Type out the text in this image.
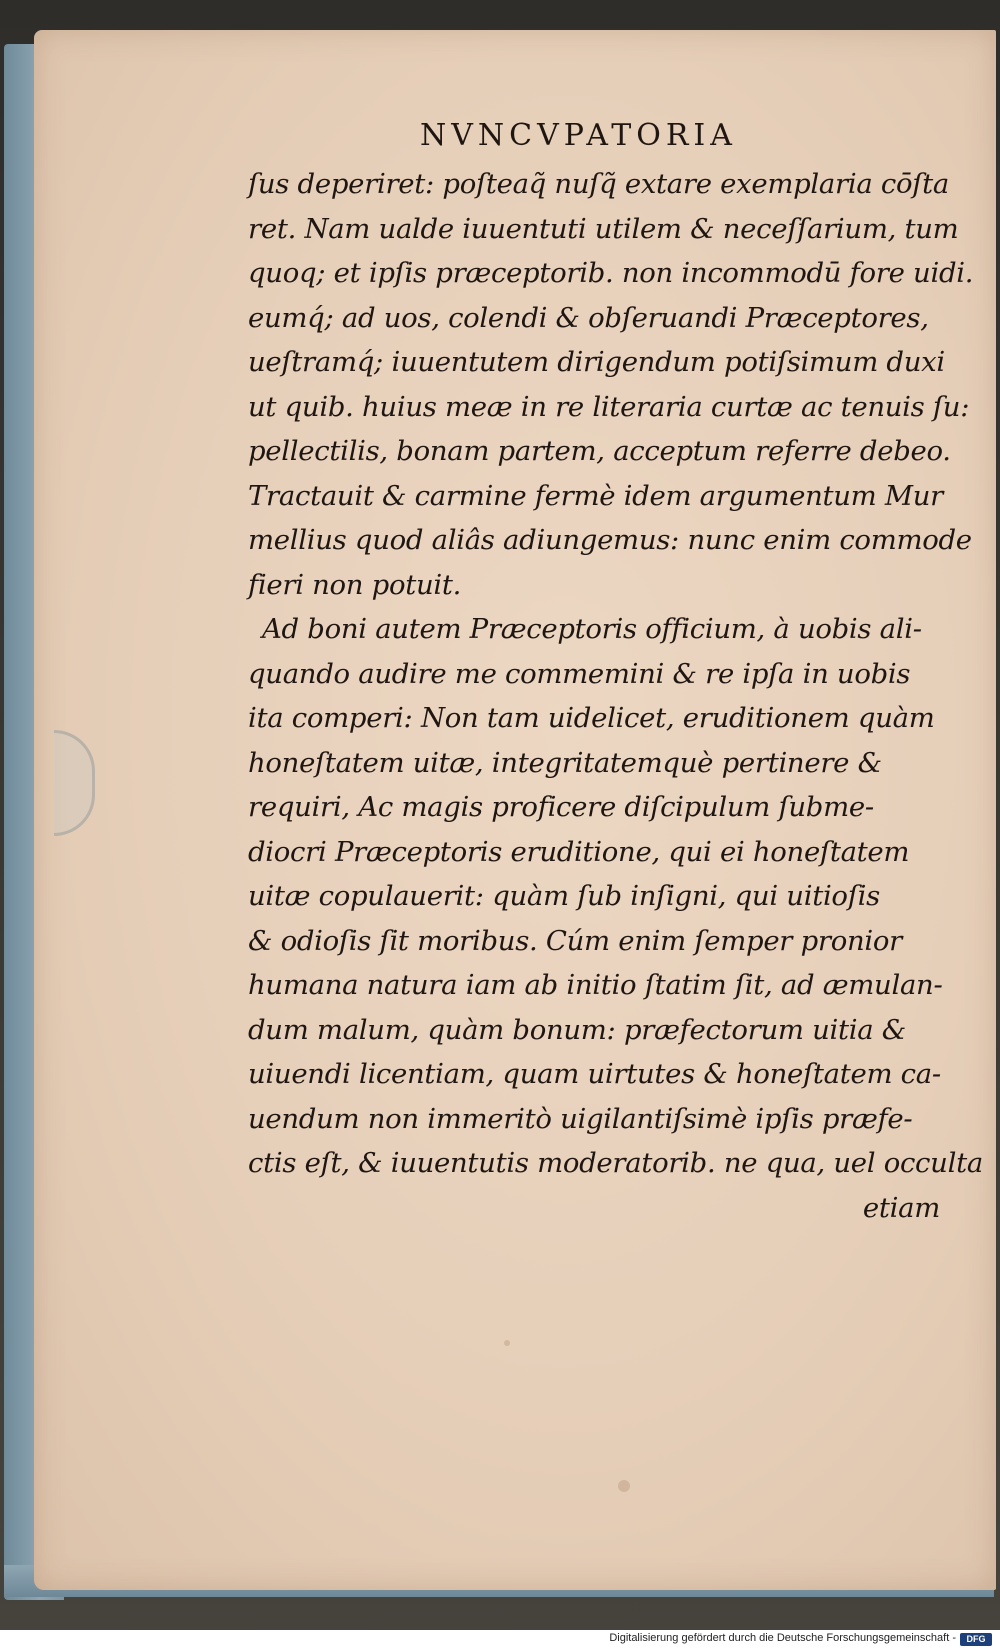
NVNCVPATORIA
ſus deperiret: poſteaq̃ nuſq̃ extare exemplaria cōſta
ret. Nam ualde iuuentuti utilem & neceſſarium, tum
quoq; et ipſis præceptorib. non incommodū fore uidi.
eumq́; ad uos, colendi & obſeruandi Præceptores,
ueſtramq́; iuuentutem dirigendum potiſsimum duxi
ut quib. huius meæ in re literaria curtæ ac tenuis ſu:
pellectilis, bonam partem, acceptum referre debeo.
Tractauit & carmine fermè idem argumentum Mur
mellius quod aliâs adiungemus: nunc enim commode
fieri non potuit.
Ad boni autem Præceptoris officium, à uobis ali-
quando audire me commemini & re ipſa in uobis
ita comperi: Non tam uidelicet, eruditionem quàm
honeſtatem uitæ, integritatemquè pertinere &
requiri, Ac magis proficere diſcipulum ſubme-
diocri Præceptoris eruditione, qui ei honeſtatem
uitæ copulauerit: quàm ſub inſigni, qui uitioſis
& odioſis ſit moribus. Cúm enim ſemper pronior
humana natura iam ab initio ſtatim ſit, ad æmulan-
dum malum, quàm bonum: præfectorum uitia &
uiuendi licentiam, quam uirtutes & honeſtatem ca-
uendum non immeritò uigilantiſsimè ipſis præfe-
ctis eſt, & iuuentutis moderatorib. ne qua, uel occulta
etiam
Digitalisierung gefördert durch die Deutsche Forschungsgemeinschaft -	DFG
